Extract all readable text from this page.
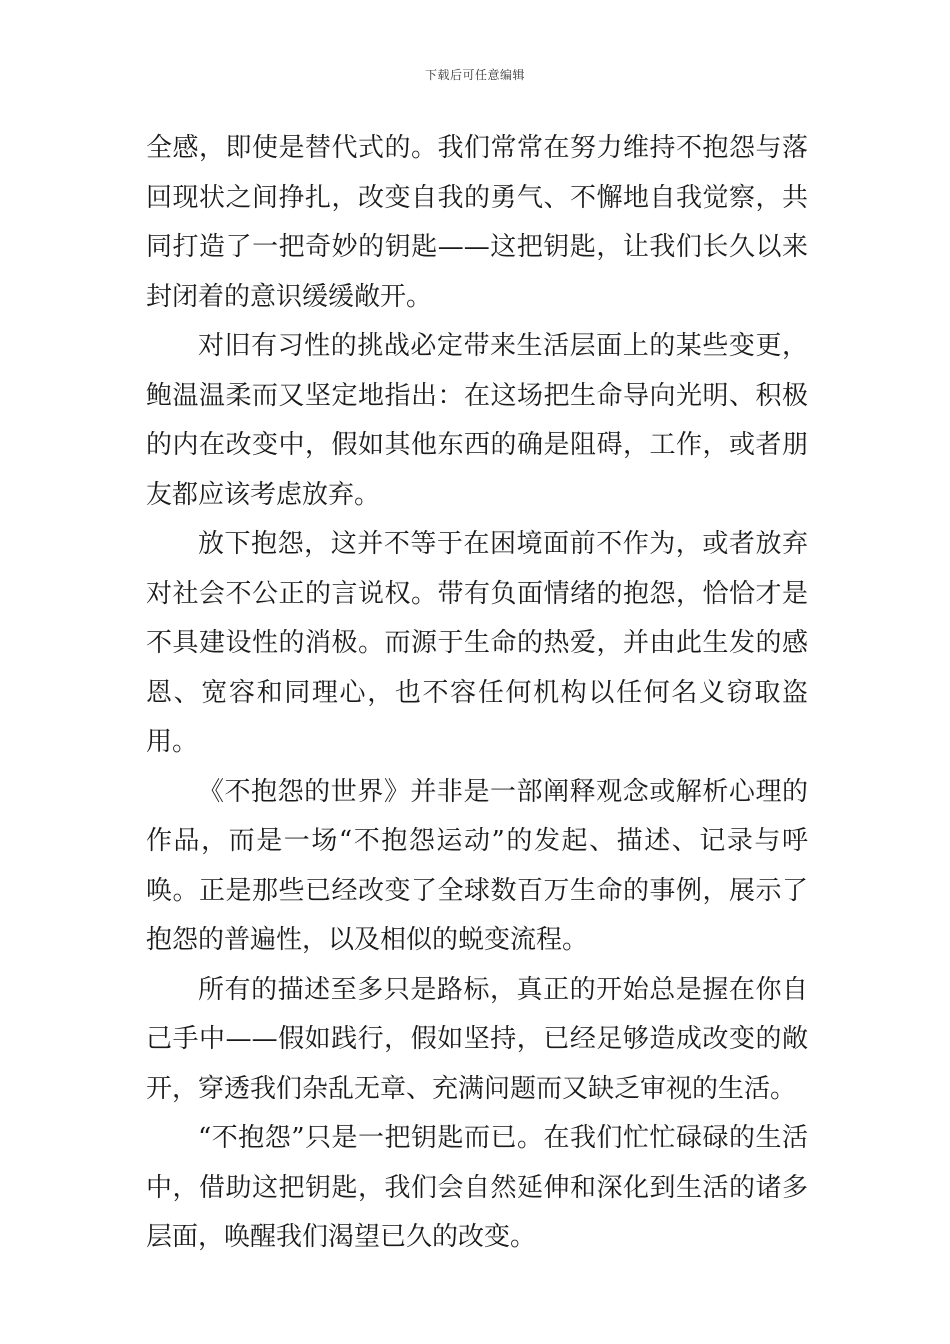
下载后可任意编辑

全感，即使是替代式的。我们常常在努力维持不抱怨与落回现状之间挣扎，改变自我的勇气、不懈地自我觉察，共同打造了一把奇妙的钥匙——这把钥匙，让我们长久以来封闭着的意识缓缓敞开。

对旧有习性的挑战必定带来生活层面上的某些变更，鲍温温柔而又坚定地指出：在这场把生命导向光明、积极的内在改变中，假如其他东西的确是阻碍，工作，或者朋友都应该考虑放弃。

放下抱怨，这并不等于在困境面前不作为，或者放弃对社会不公正的言说权。带有负面情绪的抱怨，恰恰才是不具建设性的消极。而源于生命的热爱，并由此生发的感恩、宽容和同理心，也不容任何机构以任何名义窃取盗用。

《不抱怨的世界》并非是一部阐释观念或解析心理的作品，而是一场“不抱怨运动”的发起、描述、记录与呼唤。正是那些已经改变了全球数百万生命的事例，展示了抱怨的普遍性，以及相似的蜕变流程。

所有的描述至多只是路标，真正的开始总是握在你自己手中——假如践行，假如坚持，已经足够造成改变的敞开，穿透我们杂乱无章、充满问题而又缺乏审视的生活。

“不抱怨”只是一把钥匙而已。在我们忙忙碌碌的生活中，借助这把钥匙，我们会自然延伸和深化到生活的诸多层面，唤醒我们渴望已久的改变。
